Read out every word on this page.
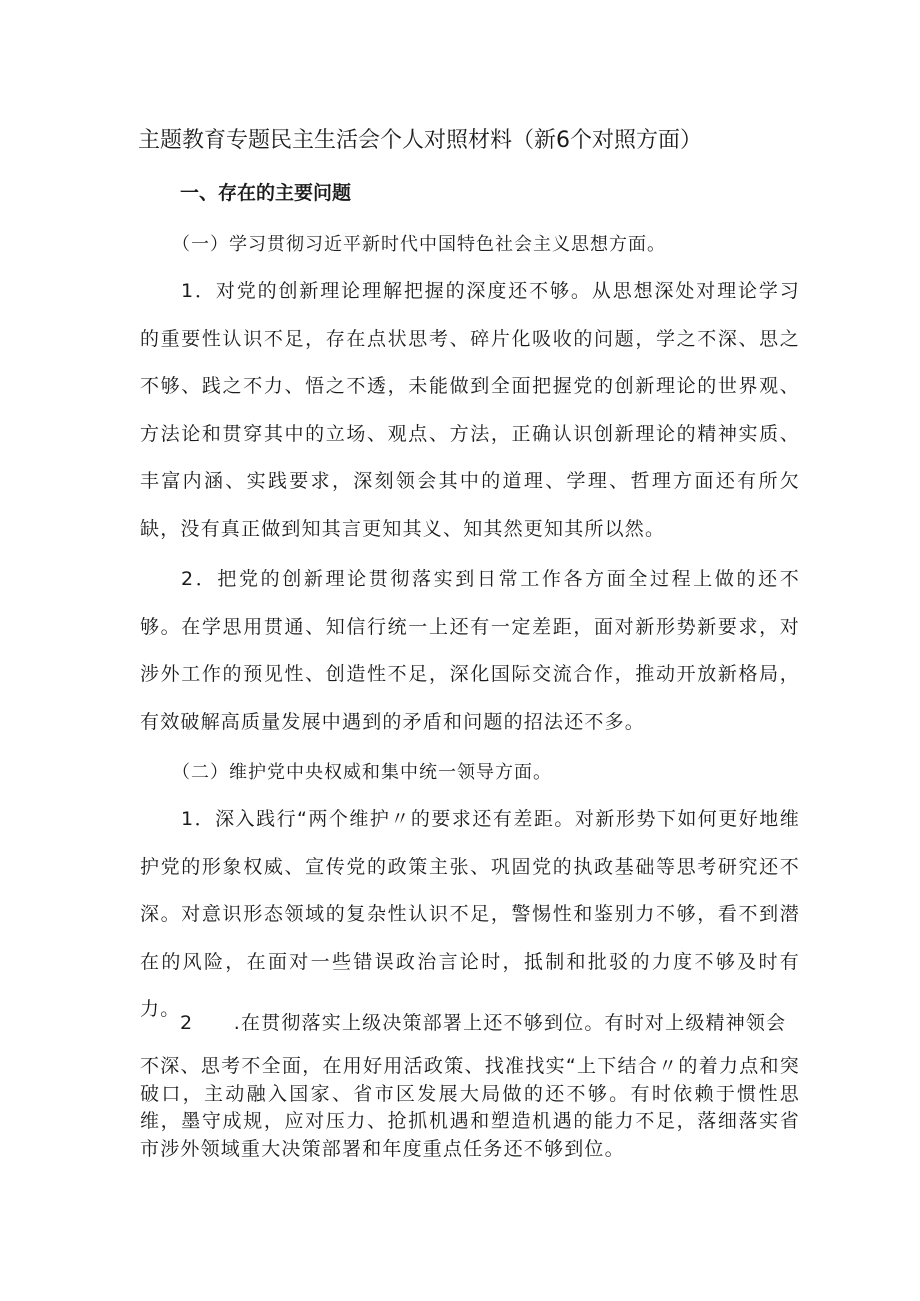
主题教育专题民主生活会个人对照材料（新6个对照方面）
一、存在的主要问题
（一）学习贯彻习近平新时代中国特色社会主义思想方面。

1．对党的创新理论理解把握的深度还不够。从思想深处对理论学习的重要性认识不足，存在点状思考、碎片化吸收的问题，学之不深、思之不够、践之不力、悟之不透，未能做到全面把握党的创新理论的世界观、方法论和贯穿其中的立场、观点、方法，正确认识创新理论的精神实质、丰富内涵、实践要求，深刻领会其中的道理、学理、哲理方面还有所欠缺，没有真正做到知其言更知其义、知其然更知其所以然。

2．把党的创新理论贯彻落实到日常工作各方面全过程上做的还不够。在学思用贯通、知信行统一上还有一定差距，面对新形势新要求，对涉外工作的预见性、创造性不足，深化国际交流合作，推动开放新格局，有效破解高质量发展中遇到的矛盾和问题的招法还不多。

（二）维护党中央权威和集中统一领导方面。

1．深入践行“两个维护〃的要求还有差距。对新形势下如何更好地维护党的形象权威、宣传党的政策主张、巩固党的执政基础等思考研究还不深。对意识形态领域的复杂性认识不足，警惕性和鉴别力不够，看不到潜在的风险，在面对一些错误政治言论时，抵制和批驳的力度不够及时有力。

2　　.在贯彻落实上级决策部署上还不够到位。有时对上级精神领会

不深、思考不全面，在用好用活政策、找准找实“上下结合〃的着力点和突破口，主动融入国家、省市区发展大局做的还不够。有时依赖于惯性思维，墨守成规，应对压力、抢抓机遇和塑造机遇的能力不足，落细落实省市涉外领域重大决策部署和年度重点任务还不够到位。
